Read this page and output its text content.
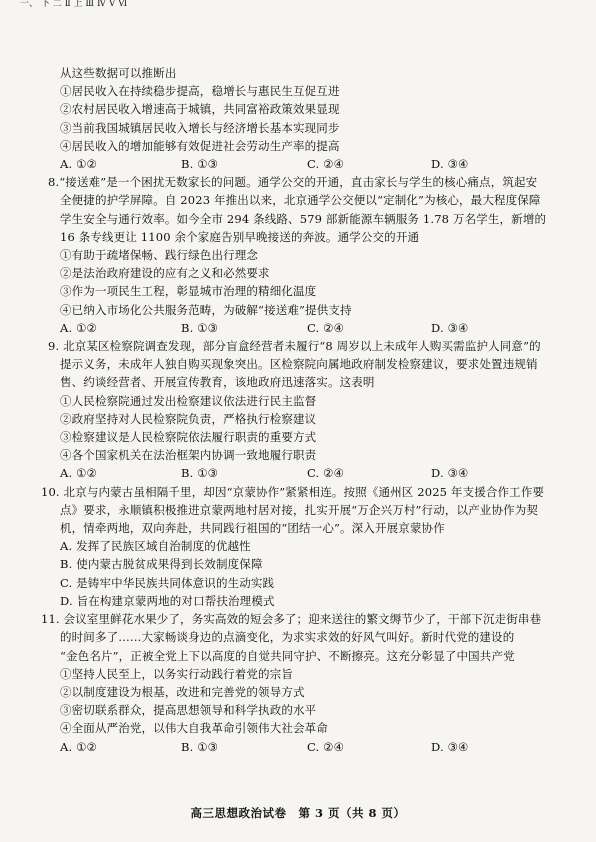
一、 下 二 Ⅱ 上 Ⅲ Ⅳ Ⅴ Ⅵ
从这些数据可以推断出
①居民收入在持续稳步提高，稳增长与惠民生互促互进
②农村居民收入增速高于城镇，共同富裕政策效果显现
③当前我国城镇居民收入增长与经济增长基本实现同步
④居民收入的增加能够有效促进社会劳动生产率的提高
A. ①②	B. ①③	C. ②④	D. ③④
8.“接送难”是一个困扰无数家长的问题。通学公交的开通，直击家长与学生的核心痛点，筑起安
全便捷的护学屏障。自 2023 年推出以来，北京通学公交便以“定制化”为核心，最大程度保障
学生安全与通行效率。如今全市 294 条线路、579 部新能源车辆服务 1.78 万名学生，新增的
16 条专线更让 1100 余个家庭告别早晚接送的奔波。通学公交的开通
①有助于疏堵保畅、践行绿色出行理念
②是法治政府建设的应有之义和必然要求
③作为一项民生工程，彰显城市治理的精细化温度
④已纳入市场化公共服务范畴，为破解“接送难”提供支持
A. ①②	B. ①③	C. ②④	D. ③④
9. 北京某区检察院调查发现，部分盲盒经营者未履行“8 周岁以上未成年人购买需监护人同意”的
提示义务，未成年人独自购买现象突出。区检察院向属地政府制发检察建议，要求处置违规销
售、约谈经营者、开展宣传教育，该地政府迅速落实。这表明
①人民检察院通过发出检察建议依法进行民主监督
②政府坚持对人民检察院负责，严格执行检察建议
③检察建议是人民检察院依法履行职责的重要方式
④各个国家机关在法治框架内协调一致地履行职责
A. ①②	B. ①③	C. ②④	D. ③④
10. 北京与内蒙古虽相隔千里，却因“京蒙协作”紧紧相连。按照《通州区 2025 年支援合作工作要
点》要求，永顺镇积极推进京蒙两地村居对接，扎实开展“万企兴万村”行动，以产业协作为契
机，情牵两地，双向奔赴，共同践行祖国的“团结一心”。深入开展京蒙协作
A. 发挥了民族区域自治制度的优越性
B. 使内蒙古脱贫成果得到长效制度保障
C. 是铸牢中华民族共同体意识的生动实践
D. 旨在构建京蒙两地的对口帮扶治理模式
11. 会议室里鲜花水果少了，务实高效的短会多了；迎来送往的繁文缛节少了，干部下沉走街串巷
的时间多了……大家畅谈身边的点滴变化，为求实求效的好风气叫好。新时代党的建设的
“金色名片”，正被全党上下以高度的自觉共同守护、不断擦亮。这充分彰显了中国共产党
①坚持人民至上，以务实行动践行着党的宗旨
②以制度建设为根基，改进和完善党的领导方式
③密切联系群众，提高思想领导和科学执政的水平
④全面从严治党，以伟大自我革命引领伟大社会革命
A. ①②	B. ①③	C. ②④	D. ③④
高三思想政治试卷　第 3 页（共 8 页）
